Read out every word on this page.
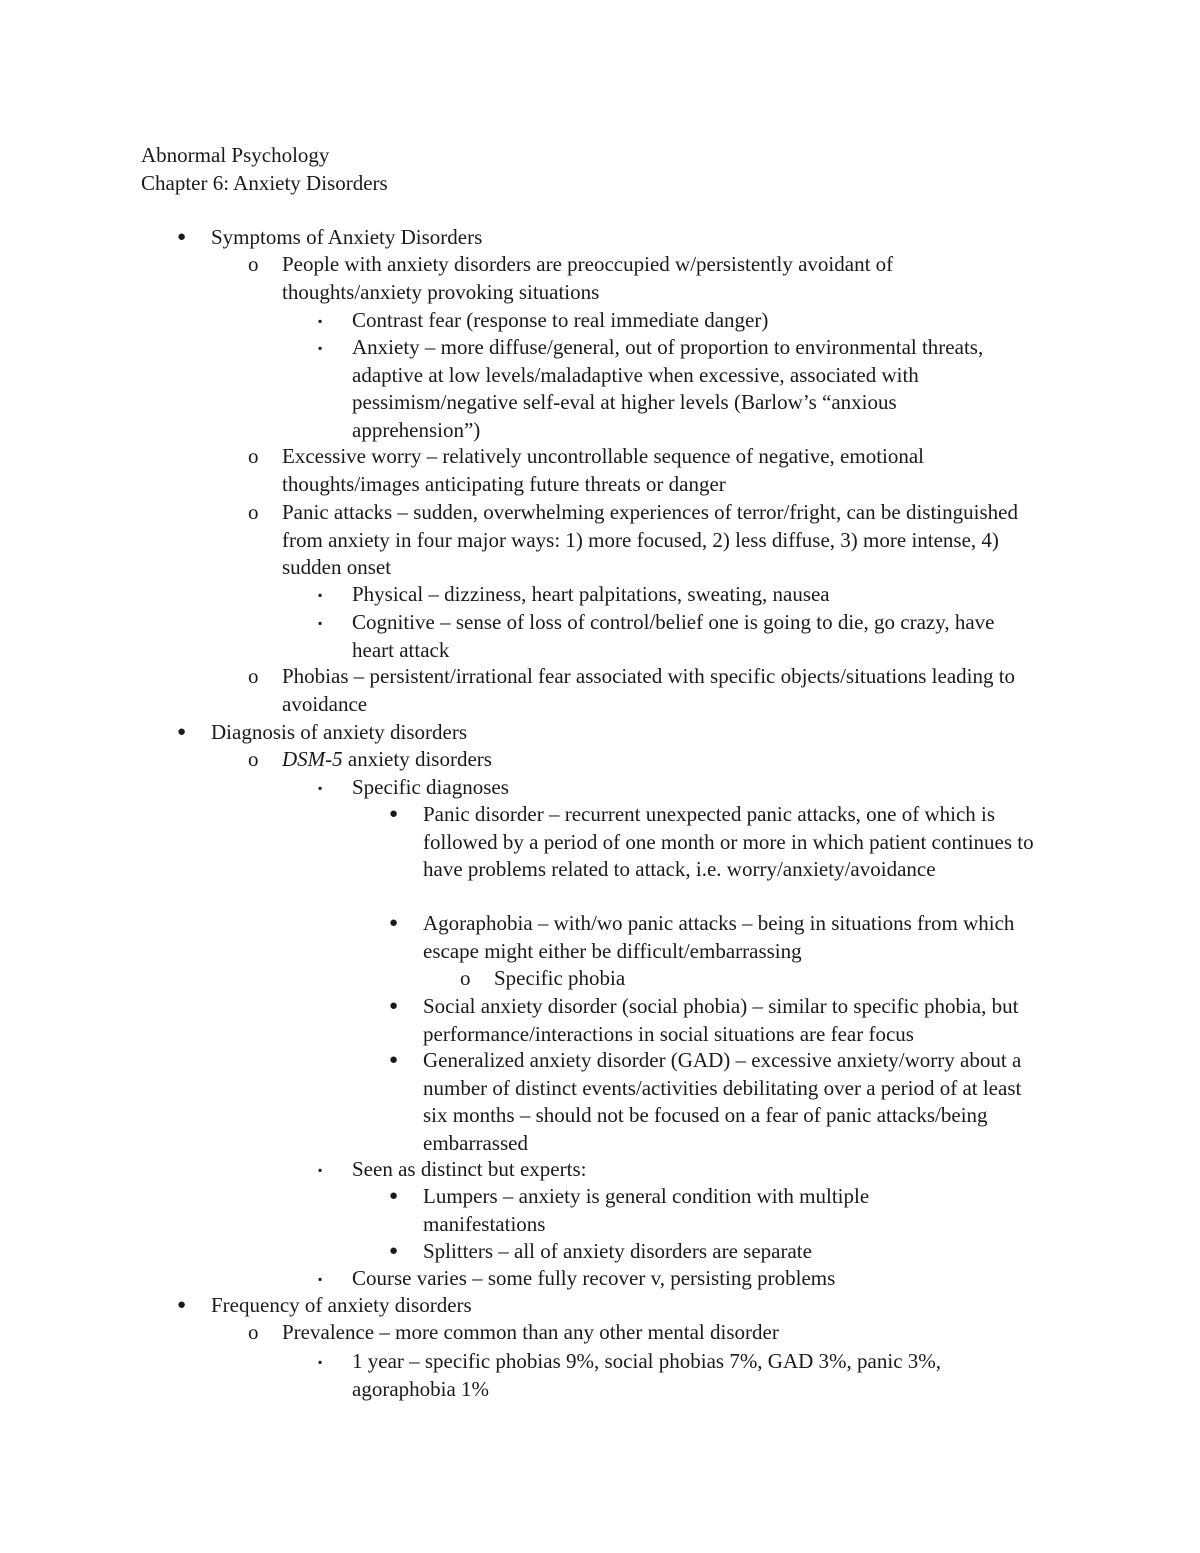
Abnormal Psychology
Chapter 6: Anxiety Disorders
● Symptoms of Anxiety Disorders
o People with anxiety disorders are preoccupied w/persistently avoidant of thoughts/anxiety provoking situations
▪ Contrast fear (response to real immediate danger)
▪ Anxiety – more diffuse/general, out of proportion to environmental threats, adaptive at low levels/maladaptive when excessive, associated with pessimism/negative self-eval at higher levels (Barlow’s “anxious apprehension”)
o Excessive worry – relatively uncontrollable sequence of negative, emotional thoughts/images anticipating future threats or danger
o Panic attacks – sudden, overwhelming experiences of terror/fright, can be distinguished from anxiety in four major ways: 1) more focused, 2) less diffuse, 3) more intense, 4) sudden onset
▪ Physical – dizziness, heart palpitations, sweating, nausea
▪ Cognitive – sense of loss of control/belief one is going to die, go crazy, have heart attack
o Phobias – persistent/irrational fear associated with specific objects/situations leading to avoidance
● Diagnosis of anxiety disorders
o DSM-5 anxiety disorders
▪ Specific diagnoses
● Panic disorder – recurrent unexpected panic attacks, one of which is followed by a period of one month or more in which patient continues to have problems related to attack, i.e. worry/anxiety/avoidance
● Agoraphobia – with/wo panic attacks – being in situations from which escape might either be difficult/embarrassing
o Specific phobia
● Social anxiety disorder (social phobia) – similar to specific phobia, but performance/interactions in social situations are fear focus
● Generalized anxiety disorder (GAD) – excessive anxiety/worry about a number of distinct events/activities debilitating over a period of at least six months – should not be focused on a fear of panic attacks/being embarrassed
▪ Seen as distinct but experts:
● Lumpers – anxiety is general condition with multiple manifestations
● Splitters – all of anxiety disorders are separate
▪ Course varies – some fully recover v, persisting problems
● Frequency of anxiety disorders
o Prevalence – more common than any other mental disorder
▪ 1 year – specific phobias 9%, social phobias 7%, GAD 3%, panic 3%, agoraphobia 1%
